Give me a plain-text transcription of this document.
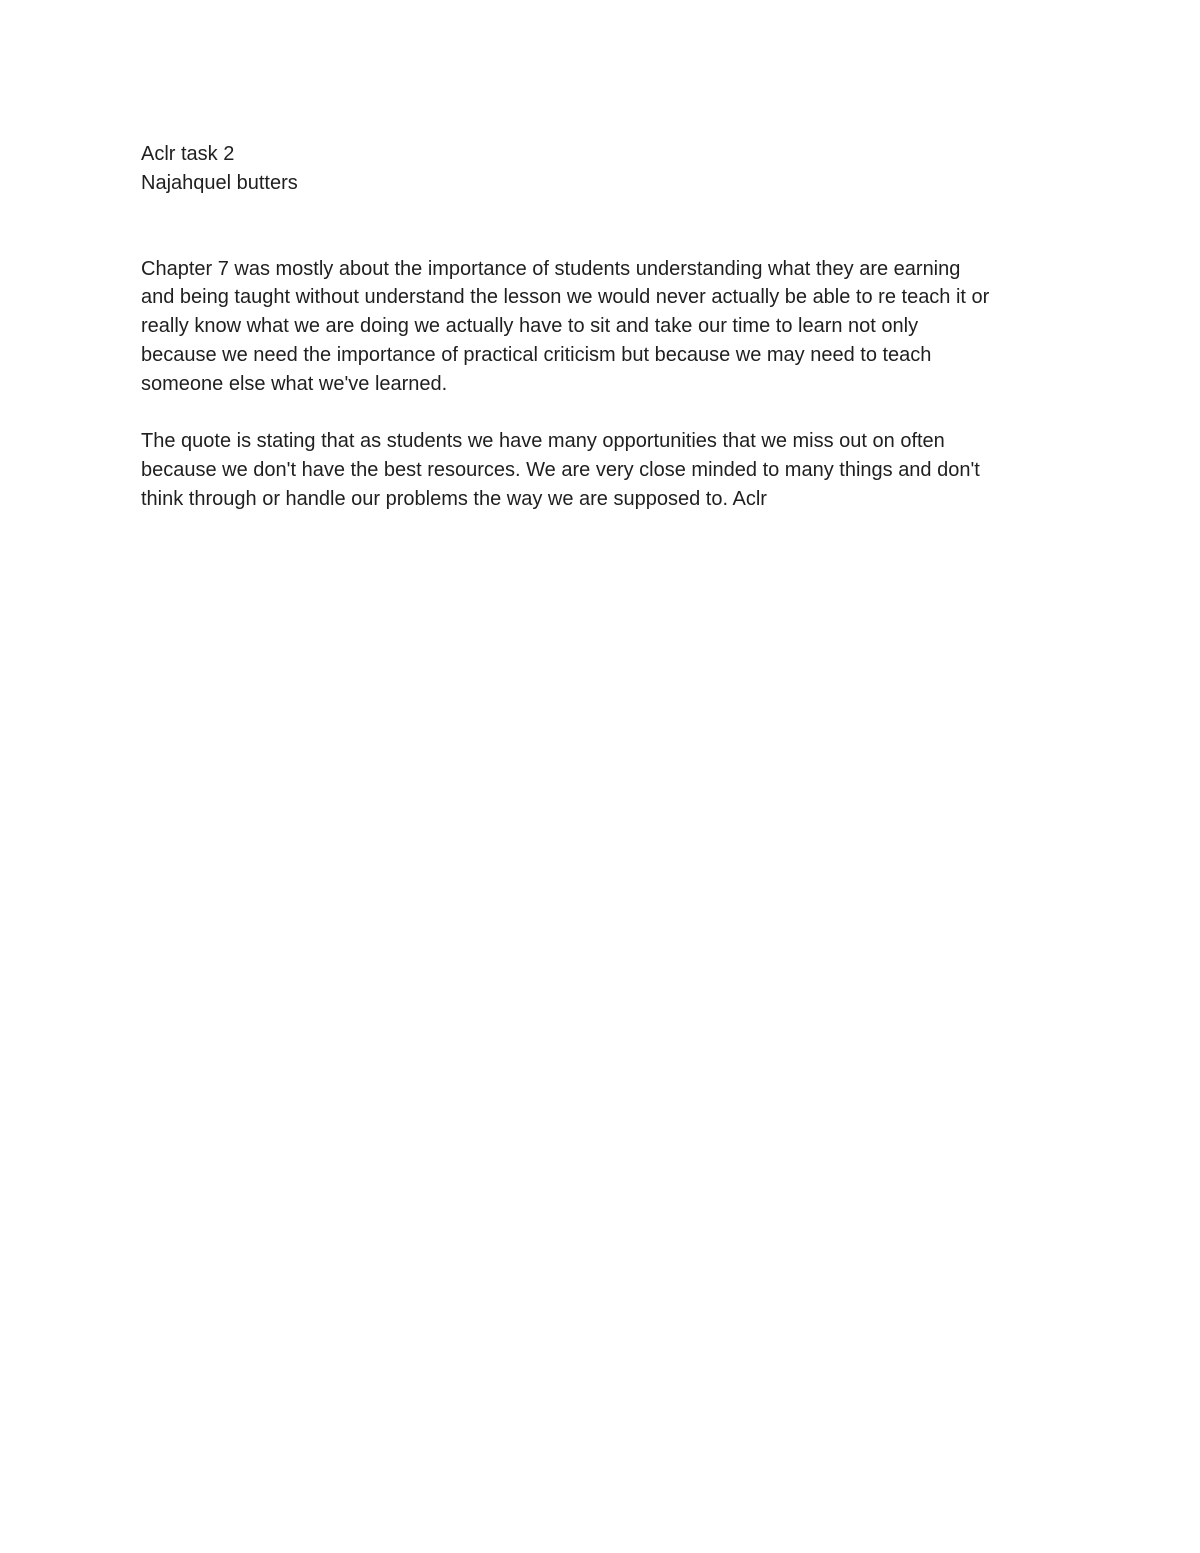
Aclr task 2
Najahquel butters
Chapter 7 was mostly about the importance of students understanding what they are earning
and being taught without understand the lesson we would never actually be able to re teach it or
really know what we are doing we actually have to sit and take our time to learn not only
because we need the importance of practical criticism but because we may need to teach
someone else what we've learned.
The quote is stating that as students we have many opportunities that we miss out on often
because we don't have the best resources. We are very close minded to many things and don't
think through or handle our problems the way we are supposed to. Aclr
